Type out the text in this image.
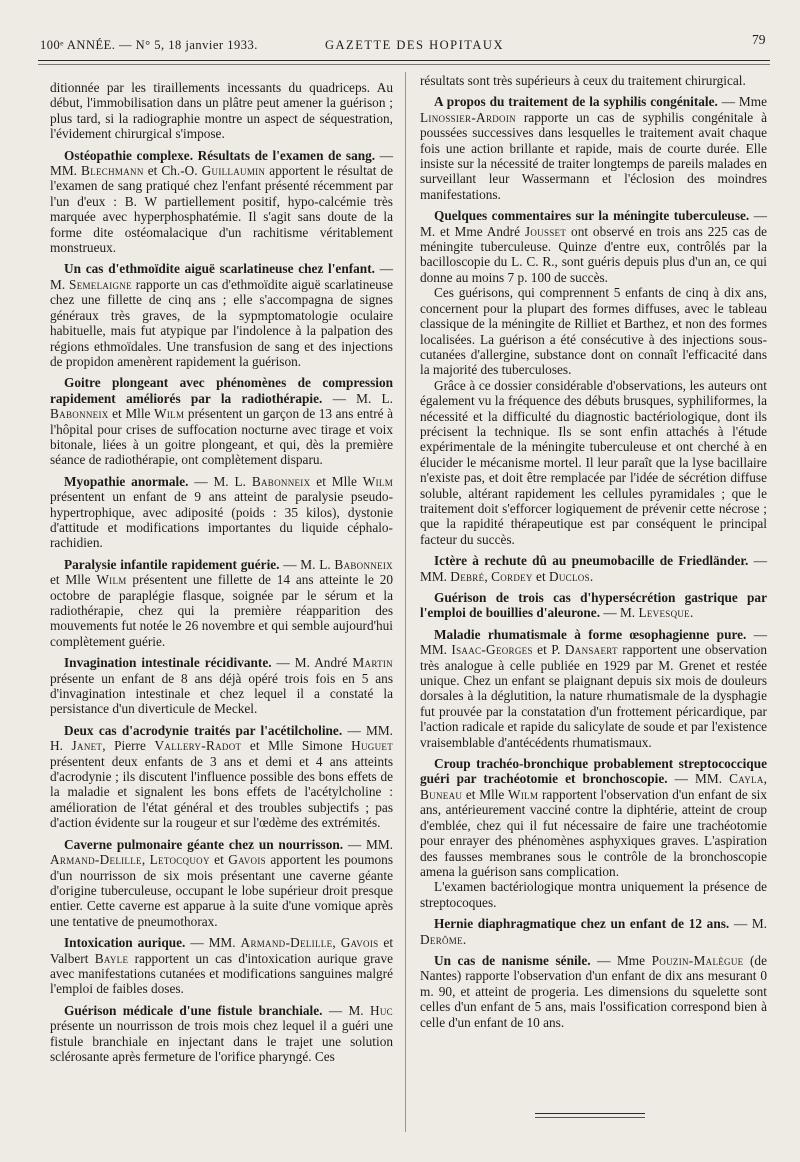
100ᵉ ANNÉE. — N° 5, 18 janvier 1933.	GAZETTE DES HOPITAUX	79

ditionnée par les tiraillements incessants du quadriceps. Au début, l'immobilisation dans un plâtre peut amener la guérison ; plus tard, si la radiographie montre un aspect de séquestration, l'évidement chirurgical s'impose.

Ostéopathie complexe. Résultats de l'examen de sang. — MM. Blechmann et Ch.-O. Guillaumin apportent le résultat de l'examen de sang pratiqué chez l'enfant présenté récemment par l'un d'eux : B. W partiellement positif, hypo-calcémie très marquée avec hyperphosphatémie. Il s'agit sans doute de la forme dite ostéomalacique d'un rachitisme véritablement monstrueux.

Un cas d'ethmoïdite aiguë scarlatineuse chez l'enfant. — M. Semelaigne rapporte un cas d'ethmoïdite aiguë scarlatineuse chez une fillette de cinq ans ; elle s'accompagna de signes généraux très graves, de la sypmptomatologie oculaire habituelle, mais fut atypique par l'indolence à la palpation des régions ethmoïdales. Une transfusion de sang et des injections de propidon amenèrent rapidement la guérison.

Goitre plongeant avec phénomènes de compression rapidement améliorés par la radiothérapie. — M. L. Babonneix et Mlle Wilm présentent un garçon de 13 ans entré à l'hôpital pour crises de suffocation nocturne avec tirage et voix bitonale, liées à un goitre plongeant, et qui, dès la première séance de radiothérapie, ont complètement disparu.

Myopathie anormale. — M. L. Babonneix et Mlle Wilm présentent un enfant de 9 ans atteint de paralysie pseudo-hypertrophique, avec adiposité (poids : 35 kilos), dystonie d'attitude et modifications importantes du liquide céphalo-rachidien.

Paralysie infantile rapidement guérie. — M. L. Babonneix et Mlle Wilm présentent une fillette de 14 ans atteinte le 20 octobre de paraplégie flasque, soignée par le sérum et la radiothérapie, chez qui la première réapparition des mouvements fut notée le 26 novembre et qui semble aujourd'hui complètement guérie.

Invagination intestinale récidivante. — M. André Martin présente un enfant de 8 ans déjà opéré trois fois en 5 ans d'invagination intestinale et chez lequel il a constaté la persistance d'un diverticule de Meckel.

Deux cas d'acrodynie traités par l'acétilcholine. — MM. H. Janet, Pierre Vallery-Radot et Mlle Simone Huguet présentent deux enfants de 3 ans et demi et 4 ans atteints d'acrodynie ; ils discutent l'influence possible des bons effets de la maladie et signalent les bons effets de l'acétylcholine : amélioration de l'état général et des troubles subjectifs ; pas d'action évidente sur la rougeur et sur l'œdème des extrémités.

Caverne pulmonaire géante chez un nourrisson. — MM. Armand-Delille, Letocquoy et Gavois apportent les poumons d'un nourrisson de six mois présentant une caverne géante d'origine tuberculeuse, occupant le lobe supérieur droit presque entier. Cette caverne est apparue à la suite d'une vomique après une tentative de pneumothorax.

Intoxication aurique. — MM. Armand-Delille, Gavois et Valbert Bayle rapportent un cas d'intoxication aurique grave avec manifestations cutanées et modifications sanguines malgré l'emploi de faibles doses.

Guérison médicale d'une fistule branchiale. — M. Huc présente un nourrisson de trois mois chez lequel il a guéri une fistule branchiale en injectant dans le trajet une solution sclérosante après fermeture de l'orifice pharyngé. Ces

résultats sont très supérieurs à ceux du traitement chirurgical.

A propos du traitement de la syphilis congénitale. — Mme Linossier-Ardoin rapporte un cas de syphilis congénitale à poussées successives dans lesquelles le traitement avait chaque fois une action brillante et rapide, mais de courte durée. Elle insiste sur la nécessité de traiter longtemps de pareils malades en surveillant leur Wassermann et l'éclosion des moindres manifestations.

Quelques commentaires sur la méningite tuberculeuse. — M. et Mme André Jousset ont observé en trois ans 225 cas de méningite tuberculeuse. Quinze d'entre eux, contrôlés par la bacilloscopie du L. C. R., sont guéris depuis plus d'un an, ce qui donne au moins 7 p. 100 de succès.

Ces guérisons, qui comprennent 5 enfants de cinq à dix ans, concernent pour la plupart des formes diffuses, avec le tableau classique de la méningite de Rilliet et Barthez, et non des formes localisées. La guérison a été consécutive à des injections sous-cutanées d'allergine, substance dont on connaît l'efficacité dans la majorité des tuberculoses.

Grâce à ce dossier considérable d'observations, les auteurs ont également vu la fréquence des débuts brusques, syphiliformes, la nécessité et la difficulté du diagnostic bactériologique, dont ils précisent la technique. Ils se sont enfin attachés à l'étude expérimentale de la méningite tuberculeuse et ont cherché à en élucider le mécanisme mortel. Il leur paraît que la lyse bacillaire n'existe pas, et doit être remplacée par l'idée de sécrétion diffuse soluble, altérant rapidement les cellules pyramidales ; que le traitement doit s'efforcer logiquement de prévenir cette nécrose ; que la rapidité thérapeutique est par conséquent le principal facteur du succès.

Ictère à rechute dû au pneumobacille de Friedländer. — MM. Debré, Cordey et Duclos.

Guérison de trois cas d'hypersécrétion gastrique par l'emploi de bouillies d'aleurone. — M. Levesque.

Maladie rhumatismale à forme œsophagienne pure. — MM. Isaac-Georges et P. Dansaert rapportent une observation très analogue à celle publiée en 1929 par M. Grenet et restée unique. Chez un enfant se plaignant depuis six mois de douleurs dorsales à la déglutition, la nature rhumatismale de la dysphagie fut prouvée par la constatation d'un frottement péricardique, par l'action radicale et rapide du salicylate de soude et par l'existence vraisemblable d'antécédents rhumatismaux.

Croup trachéo-bronchique probablement streptococcique guéri par trachéotomie et bronchoscopie. — MM. Cayla, Buneau et Mlle Wilm rapportent l'observation d'un enfant de six ans, antérieurement vacciné contre la diphtérie, atteint de croup d'emblée, chez qui il fut nécessaire de faire une trachéotomie pour enrayer des phénomènes asphyxiques graves. L'aspiration des fausses membranes sous le contrôle de la bronchoscopie amena la guérison sans complication.

L'examen bactériologique montra uniquement la présence de streptocoques.

Hernie diaphragmatique chez un enfant de 12 ans. — M. Derôme.

Un cas de nanisme sénile. — Mme Pouzin-Malègue (de Nantes) rapporte l'observation d'un enfant de dix ans mesurant 0 m. 90, et atteint de progeria. Les dimensions du squelette sont celles d'un enfant de 5 ans, mais l'ossification correspond bien à celle d'un enfant de 10 ans.
